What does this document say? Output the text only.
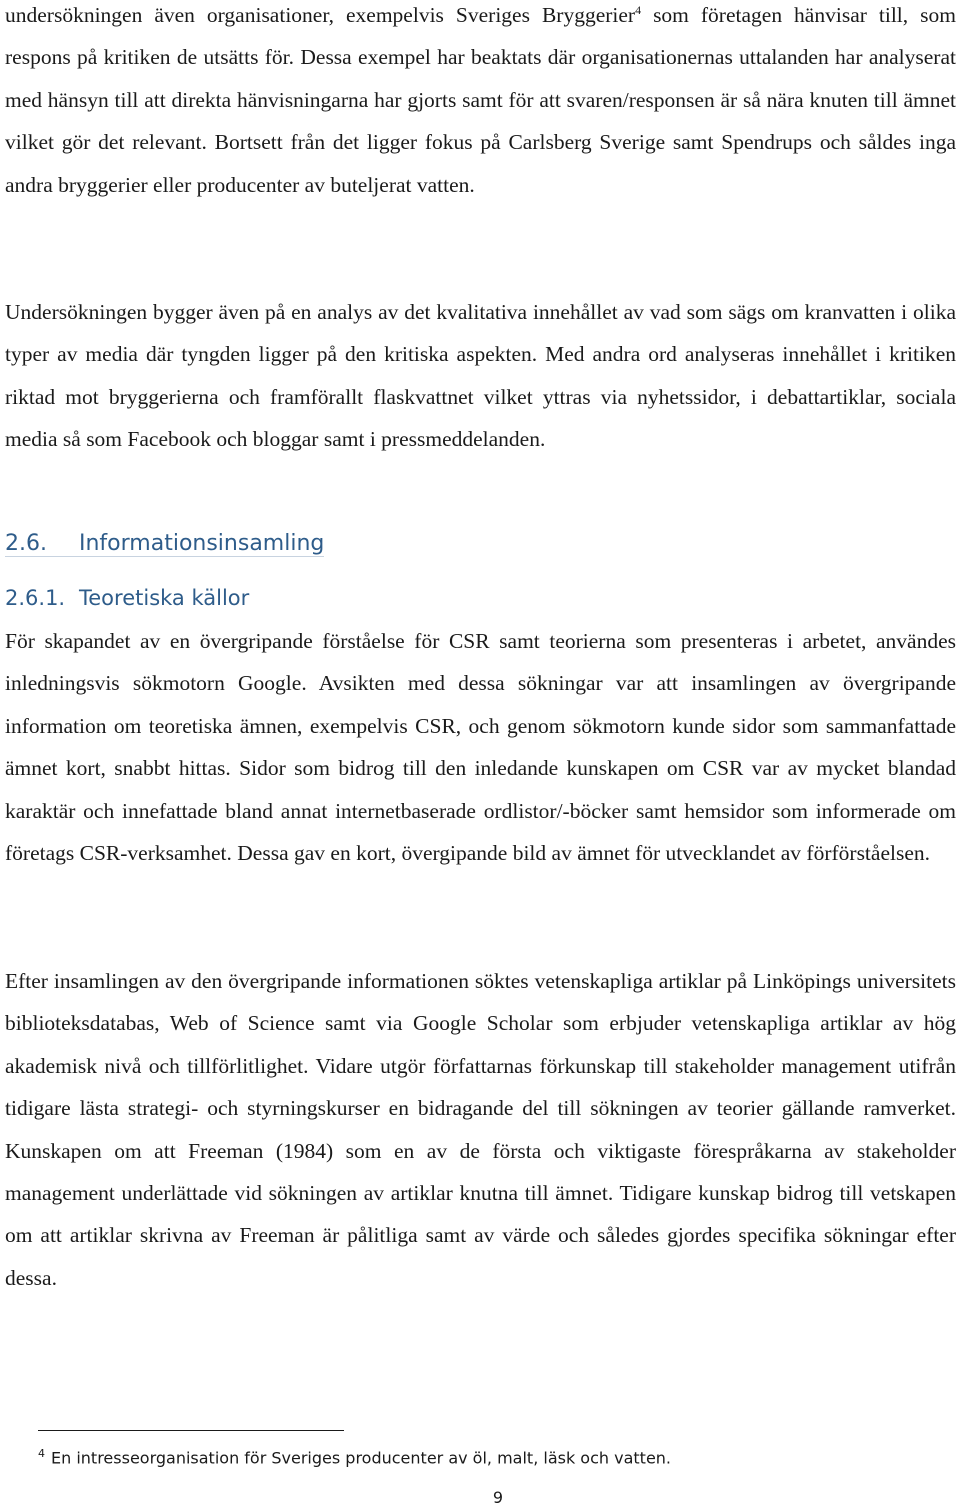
undersökningen även organisationer, exempelvis Sveriges Bryggerier$^4$ som företagen hänvisar till, som respons på kritiken de utsätts för. Dessa exempel har beaktats där organisationernas uttalanden har analyserat med hänsyn till att direkta hänvisningarna har gjorts samt för att svaren/responsen är så nära knuten till ämnet vilket gör det relevant. Bortsett från det ligger fokus på Carlsberg Sverige samt Spendrups och såldes inga andra bryggerier eller producenter av buteljerat vatten.

Undersökningen bygger även på en analys av det kvalitativa innehållet av vad som sägs om kranvatten i olika typer av media där tyngden ligger på den kritiska aspekten. Med andra ord analyseras innehållet i kritiken riktad mot bryggerierna och framförallt flaskvattnet vilket yttras via nyhetssidor, i debattartiklar, sociala media så som Facebook och bloggar samt i pressmeddelanden.

2.6. Informationsinsamling
2.6.1. Teoretiska källor

För skapandet av en övergripande förståelse för CSR samt teorierna som presenteras i arbetet, användes inledningsvis sökmotorn Google. Avsikten med dessa sökningar var att insamlingen av övergripande information om teoretiska ämnen, exempelvis CSR, och genom sökmotorn kunde sidor som sammanfattade ämnet kort, snabbt hittas. Sidor som bidrog till den inledande kunskapen om CSR var av mycket blandad karaktär och innefattade bland annat internetbaserade ordlistor/-böcker samt hemsidor som informerade om företags CSR-verksamhet. Dessa gav en kort, övergipande bild av ämnet för utvecklandet av förförståelsen.

Efter insamlingen av den övergripande informationen söktes vetenskapliga artiklar på Linköpings universitets biblioteksdatabas, Web of Science samt via Google Scholar som erbjuder vetenskapliga artiklar av hög akademisk nivå och tillförlitlighet. Vidare utgör författarnas förkunskap till stakeholder management utifrån tidigare lästa strategi- och styrningskurser en bidragande del till sökningen av teorier gällande ramverket. Kunskapen om att Freeman (1984) som en av de första och viktigaste förespråkarna av stakeholder management underlättade vid sökningen av artiklar knutna till ämnet. Tidigare kunskap bidrog till vetskapen om att artiklar skrivna av Freeman är pålitliga samt av värde och således gjordes specifika sökningar efter dessa.

$^4$ En intresseorganisation för Sveriges producenter av öl, malt, läsk och vatten.

9
